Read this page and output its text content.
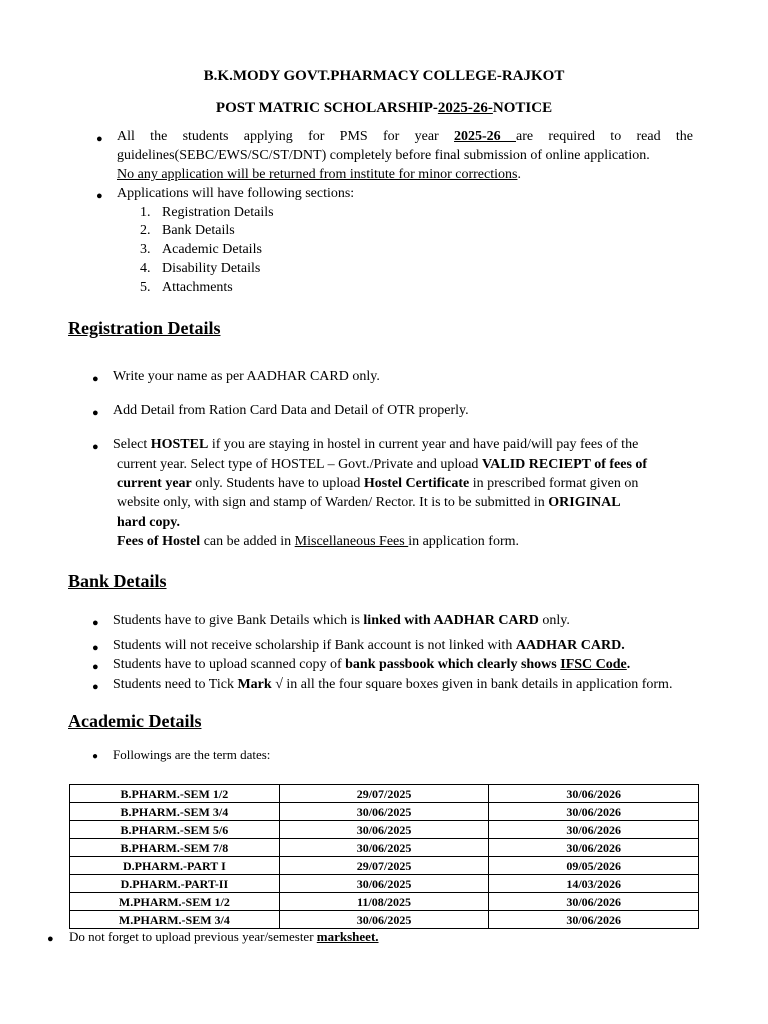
B.K.MODY GOVT.PHARMACY COLLEGE-RAJKOT
POST MATRIC SCHOLARSHIP-2025-26-NOTICE
● All the students applying for PMS for year 2025-26 are required to read the
guidelines(SEBC/EWS/SC/ST/DNT) completely before final submission of online application.
No any application will be returned from institute for minor corrections.
● Applications will have following sections:
1. Registration Details
2. Bank Details
3. Academic Details
4. Disability Details
5. Attachments
Registration Details
● Write your name as per AADHAR CARD only.
● Add Detail from Ration Card Data and Detail of OTR properly.
● Select HOSTEL if you are staying in hostel in current year and have paid/will pay fees of the
current year. Select type of HOSTEL – Govt./Private and upload VALID RECIEPT of fees of
current year only. Students have to upload Hostel Certificate in prescribed format given on
website only, with sign and stamp of Warden/ Rector. It is to be submitted in ORIGINAL
hard copy.
Fees of Hostel can be added in Miscellaneous Fees in application form.
Bank Details
● Students have to give Bank Details which is linked with AADHAR CARD only.
● Students will not receive scholarship if Bank account is not linked with AADHAR CARD.
● Students have to upload scanned copy of bank passbook which clearly shows IFSC Code.
● Students need to Tick Mark √ in all the four square boxes given in bank details in application form.
Academic Details
● Followings are the term dates:
B.PHARM.-SEM 1/2	29/07/2025	30/06/2026
B.PHARM.-SEM 3/4	30/06/2025	30/06/2026
B.PHARM.-SEM 5/6	30/06/2025	30/06/2026
B.PHARM.-SEM 7/8	30/06/2025	30/06/2026
D.PHARM.-PART I	29/07/2025	09/05/2026
D.PHARM.-PART-II	30/06/2025	14/03/2026
M.PHARM.-SEM 1/2	11/08/2025	30/06/2026
M.PHARM.-SEM 3/4	30/06/2025	30/06/2026
● Do not forget to upload previous year/semester marksheet.
